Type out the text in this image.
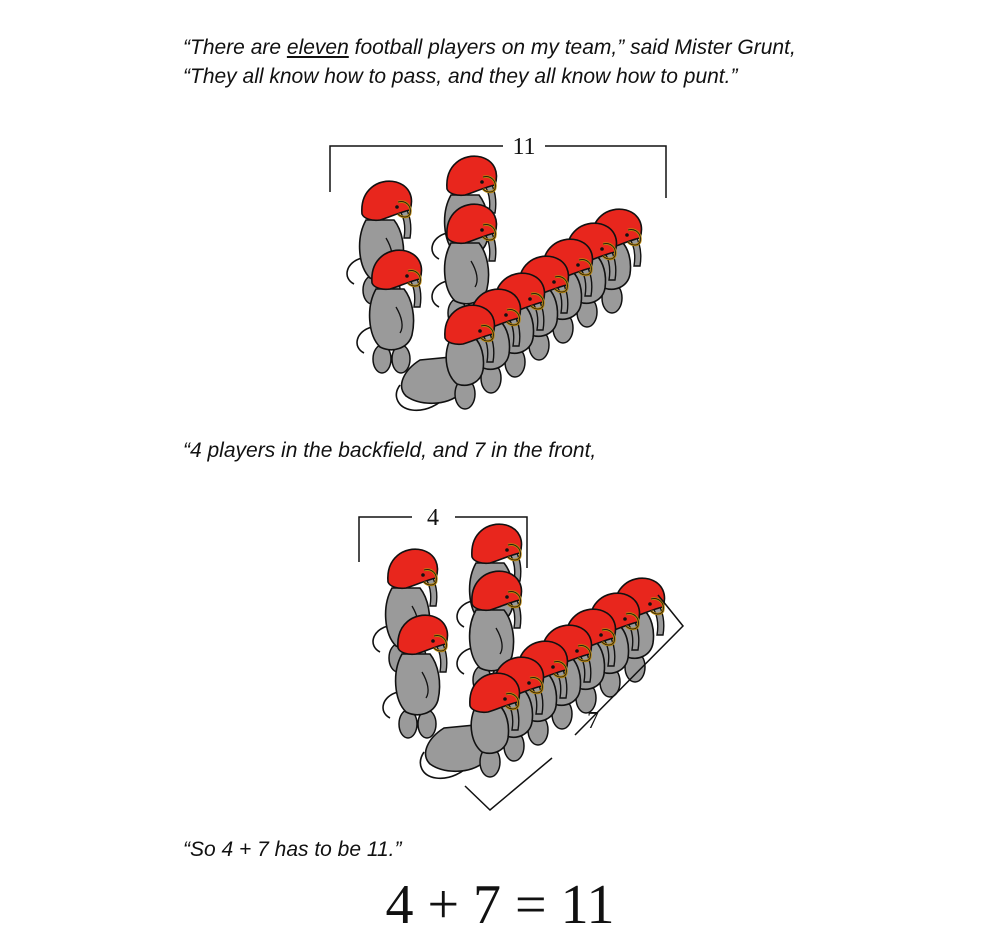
“There are eleven football players on my team,” said Mister Grunt,
“They all know how to pass, and they all know how to punt.”
“4 players in the backfield, and 7 in the front,
“So 4 + 7 has to be 11.”
11
4
7
4 + 7 = 11
